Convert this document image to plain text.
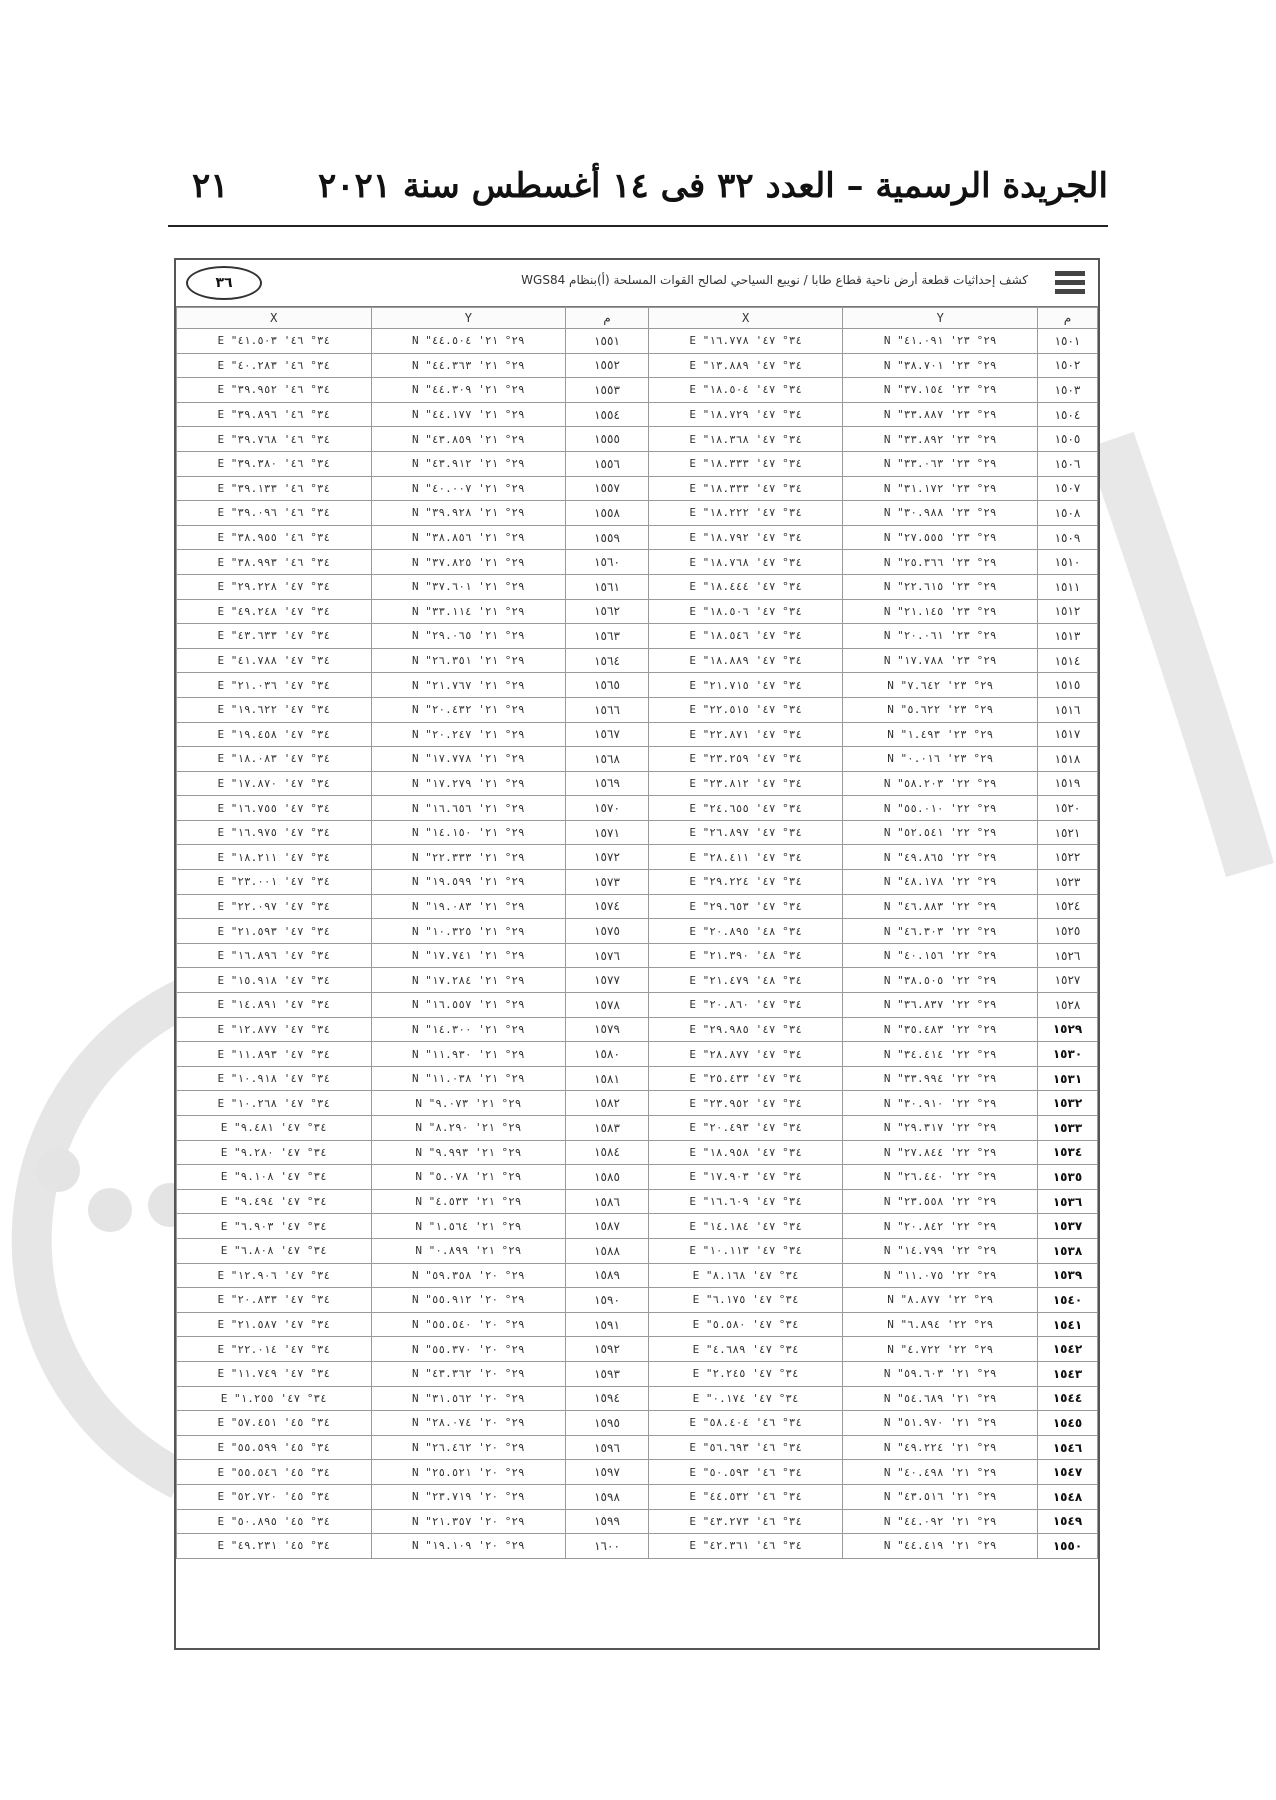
الجريدة الرسمية – العدد ٣٢ فى ١٤ أغسطس سنة ٢٠٢١
٢١
كشف إحداثيات قطعة أرض ناحية قطاع طابا / نويبع السياحي لصالح القوات المسلحة (أ)بنظام WGS84
٣٦
م	Y	X	م	Y	X
١٥٠١	٢٩° ٢٣' ٤١.٠٩١" N	٣٤° ٤٧' ١٦.٧٧٨" E	١٥٥١	٢٩° ٢١' ٤٤.٥٠٤" N	٣٤° ٤٦' ٤١.٥٠٣" E
١٥٠٢	٢٩° ٢٣' ٣٨.٧٠١" N	٣٤° ٤٧' ١٣.٨٨٩" E	١٥٥٢	٢٩° ٢١' ٤٤.٣٦٣" N	٣٤° ٤٦' ٤٠.٢٨٣" E
١٥٠٣	٢٩° ٢٣' ٣٧.١٥٤" N	٣٤° ٤٧' ١٨.٥٠٤" E	١٥٥٣	٢٩° ٢١' ٤٤.٣٠٩" N	٣٤° ٤٦' ٣٩.٩٥٢" E
١٥٠٤	٢٩° ٢٣' ٣٣.٨٨٧" N	٣٤° ٤٧' ١٨.٧٢٩" E	١٥٥٤	٢٩° ٢١' ٤٤.١٧٧" N	٣٤° ٤٦' ٣٩.٨٩٦" E
١٥٠٥	٢٩° ٢٣' ٣٣.٨٩٢" N	٣٤° ٤٧' ١٨.٣٦٨" E	١٥٥٥	٢٩° ٢١' ٤٣.٨٥٩" N	٣٤° ٤٦' ٣٩.٧٦٨" E
١٥٠٦	٢٩° ٢٣' ٣٣.٠٦٣" N	٣٤° ٤٧' ١٨.٣٣٣" E	١٥٥٦	٢٩° ٢١' ٤٣.٩١٢" N	٣٤° ٤٦' ٣٩.٣٨٠" E
١٥٠٧	٢٩° ٢٣' ٣١.١٧٢" N	٣٤° ٤٧' ١٨.٣٣٣" E	١٥٥٧	٢٩° ٢١' ٤٠.٠٠٧" N	٣٤° ٤٦' ٣٩.١٣٣" E
١٥٠٨	٢٩° ٢٣' ٣٠.٩٨٨" N	٣٤° ٤٧' ١٨.٢٢٢" E	١٥٥٨	٢٩° ٢١' ٣٩.٩٢٨" N	٣٤° ٤٦' ٣٩.٠٩٦" E
١٥٠٩	٢٩° ٢٣' ٢٧.٥٥٥" N	٣٤° ٤٧' ١٨.٧٩٢" E	١٥٥٩	٢٩° ٢١' ٣٨.٨٥٦" N	٣٤° ٤٦' ٣٨.٩٥٥" E
١٥١٠	٢٩° ٢٣' ٢٥.٣٦٦" N	٣٤° ٤٧' ١٨.٧٦٨" E	١٥٦٠	٢٩° ٢١' ٣٧.٨٢٥" N	٣٤° ٤٦' ٣٨.٩٩٣" E
١٥١١	٢٩° ٢٣' ٢٢.٦١٥" N	٣٤° ٤٧' ١٨.٤٤٤" E	١٥٦١	٢٩° ٢١' ٣٧.٦٠١" N	٣٤° ٤٧' ٢٩.٢٢٨" E
١٥١٢	٢٩° ٢٣' ٢١.١٤٥" N	٣٤° ٤٧' ١٨.٥٠٦" E	١٥٦٢	٢٩° ٢١' ٣٣.١١٤" N	٣٤° ٤٧' ٤٩.٢٤٨" E
١٥١٣	٢٩° ٢٣' ٢٠.٠٦١" N	٣٤° ٤٧' ١٨.٥٤٦" E	١٥٦٣	٢٩° ٢١' ٢٩.٠٦٥" N	٣٤° ٤٧' ٤٣.٦٣٣" E
١٥١٤	٢٩° ٢٣' ١٧.٧٨٨" N	٣٤° ٤٧' ١٨.٨٨٩" E	١٥٦٤	٢٩° ٢١' ٢٦.٣٥١" N	٣٤° ٤٧' ٤١.٧٨٨" E
١٥١٥	٢٩° ٢٣' ٧.٦٤٢" N	٣٤° ٤٧' ٢١.٧١٥" E	١٥٦٥	٢٩° ٢١' ٢١.٧٦٧" N	٣٤° ٤٧' ٢١.٠٣٦" E
١٥١٦	٢٩° ٢٣' ٥.٦٢٢" N	٣٤° ٤٧' ٢٢.٥١٥" E	١٥٦٦	٢٩° ٢١' ٢٠.٤٣٢" N	٣٤° ٤٧' ١٩.٦٢٢" E
١٥١٧	٢٩° ٢٣' ١.٤٩٣" N	٣٤° ٤٧' ٢٢.٨٧١" E	١٥٦٧	٢٩° ٢١' ٢٠.٢٤٧" N	٣٤° ٤٧' ١٩.٤٥٨" E
١٥١٨	٢٩° ٢٣' ٠.٠١٦" N	٣٤° ٤٧' ٢٣.٢٥٩" E	١٥٦٨	٢٩° ٢١' ١٧.٧٧٨" N	٣٤° ٤٧' ١٨.٠٨٣" E
١٥١٩	٢٩° ٢٢' ٥٨.٢٠٣" N	٣٤° ٤٧' ٢٣.٨١٢" E	١٥٦٩	٢٩° ٢١' ١٧.٢٧٩" N	٣٤° ٤٧' ١٧.٨٧٠" E
١٥٢٠	٢٩° ٢٢' ٥٥.٠١٠" N	٣٤° ٤٧' ٢٤.٦٥٥" E	١٥٧٠	٢٩° ٢١' ١٦.٦٥٦" N	٣٤° ٤٧' ١٦.٧٥٥" E
١٥٢١	٢٩° ٢٢' ٥٢.٥٤١" N	٣٤° ٤٧' ٢٦.٨٩٧" E	١٥٧١	٢٩° ٢١' ١٤.١٥٠" N	٣٤° ٤٧' ١٦.٩٧٥" E
١٥٢٢	٢٩° ٢٢' ٤٩.٨٦٥" N	٣٤° ٤٧' ٢٨.٤١١" E	١٥٧٢	٢٩° ٢١' ٢٢.٣٣٣" N	٣٤° ٤٧' ١٨.٢١١" E
١٥٢٣	٢٩° ٢٢' ٤٨.١٧٨" N	٣٤° ٤٧' ٢٩.٢٢٤" E	١٥٧٣	٢٩° ٢١' ١٩.٥٩٩" N	٣٤° ٤٧' ٢٣.٠٠١" E
١٥٢٤	٢٩° ٢٢' ٤٦.٨٨٣" N	٣٤° ٤٧' ٢٩.٦٥٣" E	١٥٧٤	٢٩° ٢١' ١٩.٠٨٣" N	٣٤° ٤٧' ٢٢.٠٩٧" E
١٥٢٥	٢٩° ٢٢' ٤٦.٣٠٣" N	٣٤° ٤٨' ٢٠.٨٩٥" E	١٥٧٥	٢٩° ٢١' ١٠.٣٢٥" N	٣٤° ٤٧' ٢١.٥٩٣" E
١٥٢٦	٢٩° ٢٢' ٤٠.١٥٦" N	٣٤° ٤٨' ٢١.٣٩٠" E	١٥٧٦	٢٩° ٢١' ١٧.٧٤١" N	٣٤° ٤٧' ١٦.٨٩٦" E
١٥٢٧	٢٩° ٢٢' ٣٨.٥٠٥" N	٣٤° ٤٨' ٢١.٤٧٩" E	١٥٧٧	٢٩° ٢١' ١٧.٢٨٤" N	٣٤° ٤٧' ١٥.٩١٨" E
١٥٢٨	٢٩° ٢٢' ٣٦.٨٣٧" N	٣٤° ٤٧' ٢٠.٨٦٠" E	١٥٧٨	٢٩° ٢١' ١٦.٥٥٧" N	٣٤° ٤٧' ١٤.٨٩١" E
١٥٢٩	٢٩° ٢٢' ٣٥.٤٨٣" N	٣٤° ٤٧' ٢٩.٩٨٥" E	١٥٧٩	٢٩° ٢١' ١٤.٣٠٠" N	٣٤° ٤٧' ١٢.٨٧٧" E
١٥٣٠	٢٩° ٢٢' ٣٤.٤١٤" N	٣٤° ٤٧' ٢٨.٨٧٧" E	١٥٨٠	٢٩° ٢١' ١١.٩٣٠" N	٣٤° ٤٧' ١١.٨٩٣" E
١٥٣١	٢٩° ٢٢' ٣٣.٩٩٤" N	٣٤° ٤٧' ٢٥.٤٣٣" E	١٥٨١	٢٩° ٢١' ١١.٠٣٨" N	٣٤° ٤٧' ١٠.٩١٨" E
١٥٣٢	٢٩° ٢٢' ٣٠.٩١٠" N	٣٤° ٤٧' ٢٣.٩٥٢" E	١٥٨٢	٢٩° ٢١' ٩.٠٧٣" N	٣٤° ٤٧' ١٠.٢٦٨" E
١٥٣٣	٢٩° ٢٢' ٢٩.٣١٧" N	٣٤° ٤٧' ٢٠.٤٩٣" E	١٥٨٣	٢٩° ٢١' ٨.٢٩٠" N	٣٤° ٤٧' ٩.٤٨١" E
١٥٣٤	٢٩° ٢٢' ٢٧.٨٤٤" N	٣٤° ٤٧' ١٨.٩٥٨" E	١٥٨٤	٢٩° ٢١' ٩.٩٩٣" N	٣٤° ٤٧' ٩.٢٨٠" E
١٥٣٥	٢٩° ٢٢' ٢٦.٤٤٠" N	٣٤° ٤٧' ١٧.٩٠٣" E	١٥٨٥	٢٩° ٢١' ٥.٠٧٨" N	٣٤° ٤٧' ٩.١٠٨" E
١٥٣٦	٢٩° ٢٢' ٢٣.٥٥٨" N	٣٤° ٤٧' ١٦.٦٠٩" E	١٥٨٦	٢٩° ٢١' ٤.٥٣٣" N	٣٤° ٤٧' ٩.٤٩٤" E
١٥٣٧	٢٩° ٢٢' ٢٠.٨٤٢" N	٣٤° ٤٧' ١٤.١٨٤" E	١٥٨٧	٢٩° ٢١' ١.٥٦٤" N	٣٤° ٤٧' ٦.٩٠٣" E
١٥٣٨	٢٩° ٢٢' ١٤.٧٩٩" N	٣٤° ٤٧' ١٠.١١٣" E	١٥٨٨	٢٩° ٢١' ٠.٨٩٩" N	٣٤° ٤٧' ٦.٨٠٨" E
١٥٣٩	٢٩° ٢٢' ١١.٠٧٥" N	٣٤° ٤٧' ٨.١٦٨" E	١٥٨٩	٢٩° ٢٠' ٥٩.٣٥٨" N	٣٤° ٤٧' ١٢.٩٠٦" E
١٥٤٠	٢٩° ٢٢' ٨.٨٧٧" N	٣٤° ٤٧' ٦.١٧٥" E	١٥٩٠	٢٩° ٢٠' ٥٥.٩١٢" N	٣٤° ٤٧' ٢٠.٨٣٣" E
١٥٤١	٢٩° ٢٢' ٦.٨٩٤" N	٣٤° ٤٧' ٥.٥٨٠" E	١٥٩١	٢٩° ٢٠' ٥٥.٥٤٠" N	٣٤° ٤٧' ٢١.٥٨٧" E
١٥٤٢	٢٩° ٢٢' ٤.٧٢٢" N	٣٤° ٤٧' ٤.٦٨٩" E	١٥٩٢	٢٩° ٢٠' ٥٥.٣٧٠" N	٣٤° ٤٧' ٢٢.٠١٤" E
١٥٤٣	٢٩° ٢١' ٥٩.٦٠٣" N	٣٤° ٤٧' ٢.٢٤٥" E	١٥٩٣	٢٩° ٢٠' ٤٣.٣٦٢" N	٣٤° ٤٧' ١١.٧٤٩" E
١٥٤٤	٢٩° ٢١' ٥٤.٦٨٩" N	٣٤° ٤٧' ٠.١٧٤" E	١٥٩٤	٢٩° ٢٠' ٣١.٥٦٢" N	٣٤° ٤٧' ١.٢٥٥" E
١٥٤٥	٢٩° ٢١' ٥١.٩٧٠" N	٣٤° ٤٦' ٥٨.٤٠٤" E	١٥٩٥	٢٩° ٢٠' ٢٨.٠٧٤" N	٣٤° ٤٥' ٥٧.٤٥١" E
١٥٤٦	٢٩° ٢١' ٤٩.٢٢٤" N	٣٤° ٤٦' ٥٦.٦٩٣" E	١٥٩٦	٢٩° ٢٠' ٢٦.٤٦٢" N	٣٤° ٤٥' ٥٥.٥٩٩" E
١٥٤٧	٢٩° ٢١' ٤٠.٤٩٨" N	٣٤° ٤٦' ٥٠.٥٩٣" E	١٥٩٧	٢٩° ٢٠' ٢٥.٥٢١" N	٣٤° ٤٥' ٥٥.٥٤٦" E
١٥٤٨	٢٩° ٢١' ٤٣.٥١٦" N	٣٤° ٤٦' ٤٤.٥٣٢" E	١٥٩٨	٢٩° ٢٠' ٢٣.٧١٩" N	٣٤° ٤٥' ٥٢.٧٢٠" E
١٥٤٩	٢٩° ٢١' ٤٤.٠٩٢" N	٣٤° ٤٦' ٤٣.٢٧٣" E	١٥٩٩	٢٩° ٢٠' ٢١.٣٥٧" N	٣٤° ٤٥' ٥٠.٨٩٥" E
١٥٥٠	٢٩° ٢١' ٤٤.٤١٩" N	٣٤° ٤٦' ٤٢.٣٦١" E	١٦٠٠	٢٩° ٢٠' ١٩.١٠٩" N	٣٤° ٤٥' ٤٩.٢٣١" E
